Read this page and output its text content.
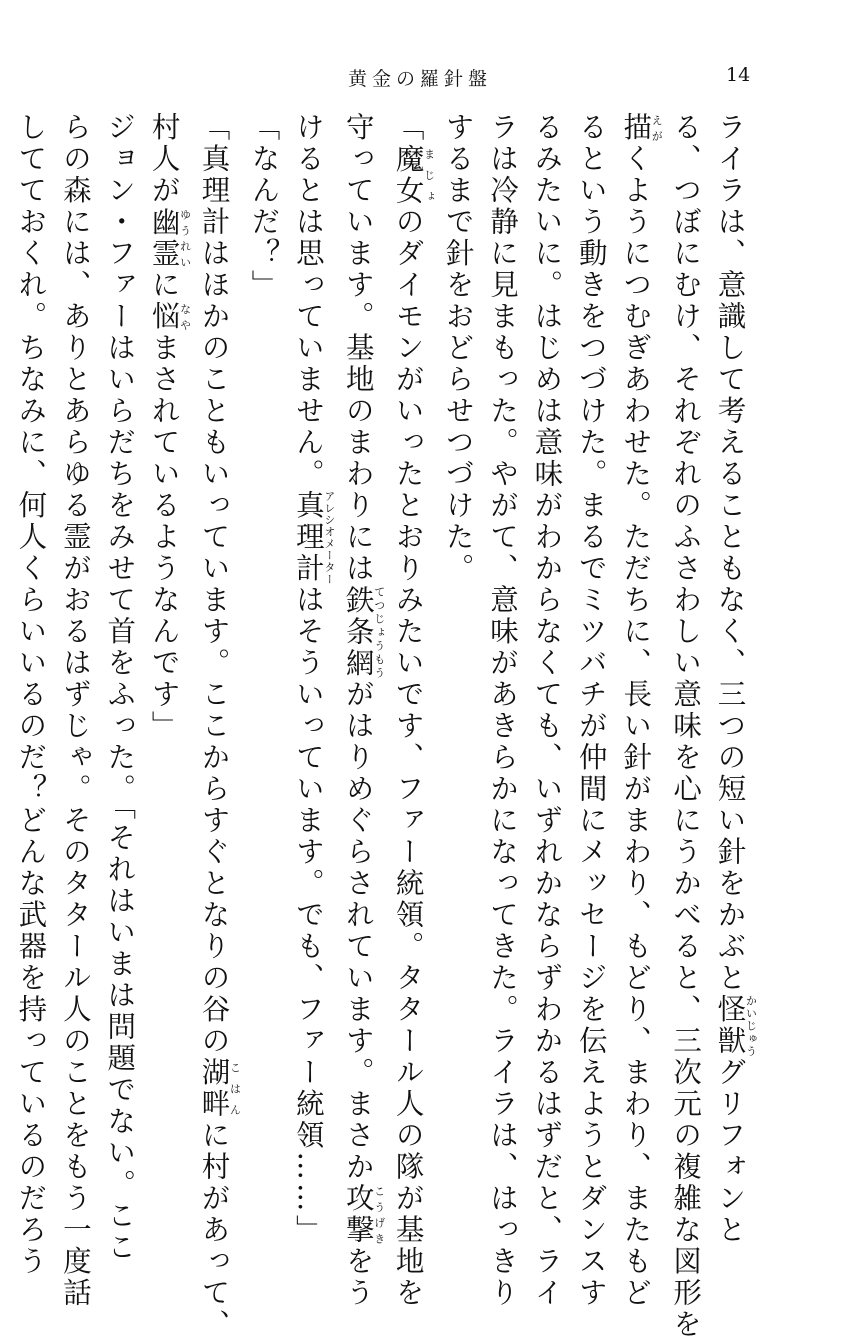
黄金の羅針盤	14

ライラは、意識して考えることもなく、三つの短い針をかぶと怪獣かいじゅうグリフォンと

る、つぼにむけ、それぞれのふさわしい意味を心にうかべると、三次元の複雑な図形を

描えがくようにつむぎあわせた。ただちに、長い針がまわり、もどり、まわり、またもど

るという動きをつづけた。まるでミツバチが仲間にメッセージを伝えようとダンスす

るみたいに。はじめは意味がわからなくても、いずれかならずわかるはずだと、ライ

ラは冷静に見まもった。やがて、意味があきらかになってきた。ライラは、はっきり

するまで針をおどらせつづけた。

「魔女まじょのダイモンがいったとおりみたいです、ファー統領。タタール人の隊が基地を

守っています。基地のまわりには鉄条網てつじょうもうがはりめぐらされています。まさか攻撃こうげきをう

けるとは思っていません。真理計アレシオメーターはそういっています。でも、ファー統領……」

「なんだ？」

「真理計はほかのこともいっています。ここからすぐとなりの谷の湖畔こはんに村があって、

村人が幽霊ゆうれいに悩なやまされているようなんです」

ジョン・ファーはいらだちをみせて首をふった。「それはいまは問題でない。ここ

らの森には、ありとあらゆる霊がおるはずじゃ。そのタタール人のことをもう一度話

してておくれ。ちなみに、何人くらいいるのだ？どんな武器を持っているのだろう
